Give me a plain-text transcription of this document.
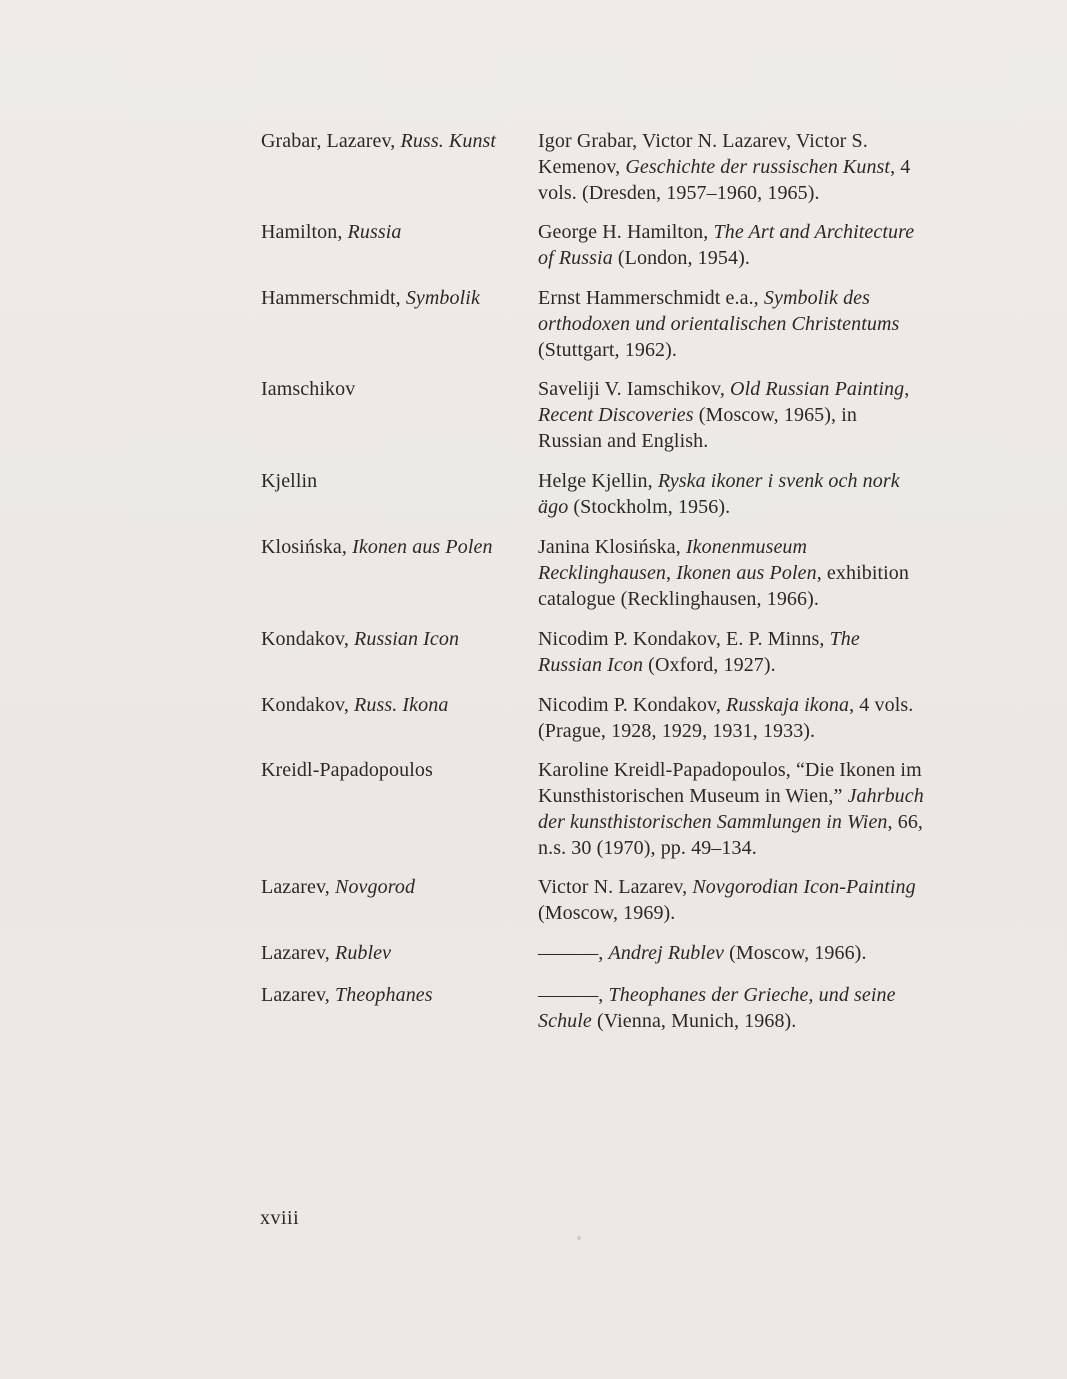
Grabar, Lazarev, Russ. Kunst	Igor Grabar, Victor N. Lazarev, Victor S. Kemenov, Geschichte der russischen Kunst, 4 vols. (Dresden, 1957–1960, 1965).
Hamilton, Russia	George H. Hamilton, The Art and Architecture of Russia (London, 1954).
Hammerschmidt, Symbolik	Ernst Hammerschmidt e.a., Symbolik des orthodoxen und orientalischen Christentums (Stuttgart, 1962).
Iamschikov	Saveliji V. Iamschikov, Old Russian Painting, Recent Discoveries (Moscow, 1965), in Russian and English.
Kjellin	Helge Kjellin, Ryska ikoner i svenk och nork ägo (Stockholm, 1956).
Klosińska, Ikonen aus Polen	Janina Klosińska, Ikonenmuseum Recklinghausen, Ikonen aus Polen, exhibition catalogue (Recklinghausen, 1966).
Kondakov, Russian Icon	Nicodim P. Kondakov, E. P. Minns, The Russian Icon (Oxford, 1927).
Kondakov, Russ. Ikona	Nicodim P. Kondakov, Russkaja ikona, 4 vols. (Prague, 1928, 1929, 1931, 1933).
Kreidl-Papadopoulos	Karoline Kreidl-Papadopoulos, “Die Ikonen im Kunsthistorischen Museum in Wien,” Jahrbuch der kunsthistorischen Sammlungen in Wien, 66, n.s. 30 (1970), pp. 49–134.
Lazarev, Novgorod	Victor N. Lazarev, Novgorodian Icon-Painting (Moscow, 1969).
Lazarev, Rublev	———, Andrej Rublev (Moscow, 1966).
Lazarev, Theophanes	———, Theophanes der Grieche, und seine Schule (Vienna, Munich, 1968).
xviii
